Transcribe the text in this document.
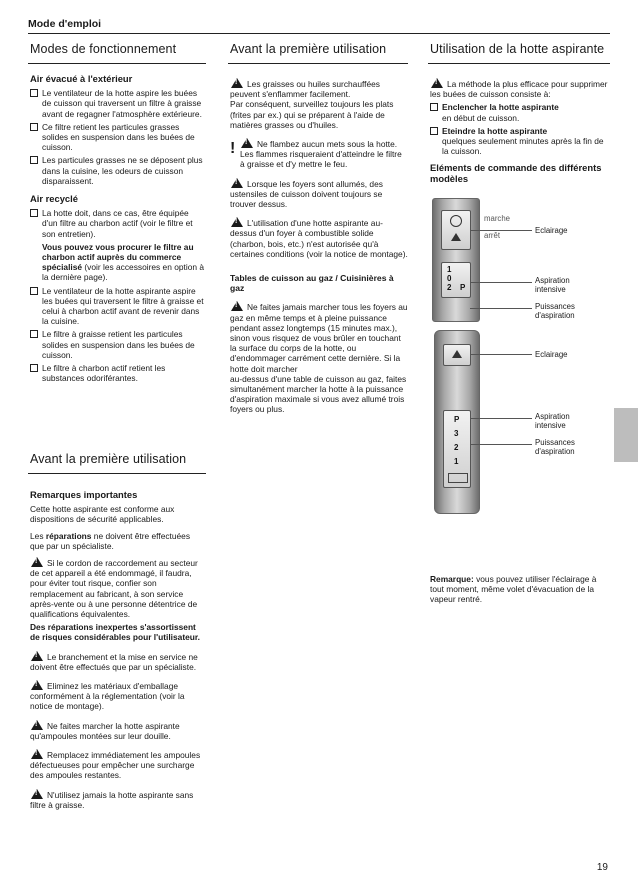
Mode d'emploi
Modes de fonctionnement
Air évacué à l'extérieur
Le ventilateur de la hotte aspire les buées de cuisson qui traversent un filtre à graisse avant de regagner l'atmosphère extérieure.
Ce filtre retient les particules grasses solides en suspension dans les buées de cuisson.
Les particules grasses ne se déposent plus dans la cuisine, les odeurs de cuisson disparaissent.
Air recyclé
La hotte doit, dans ce cas, être équipée d'un filtre au charbon actif (voir le filtre et son entretien).
Vous pouvez vous procurer le filtre au charbon actif auprès du commerce spécialisé (voir les accessoires en option à la dernière page).
Le ventilateur de la hotte aspirante aspire les buées qui traversent le filtre à graisse et celui à charbon actif avant de revenir dans la cuisine.
Le filtre à graisse retient les particules solides en suspension dans les buées de cuisson.
Le filtre à charbon actif retient les substances odoriférantes.
Avant la première utilisation
Remarques importantes

Cette hotte aspirante est conforme aux dispositions de sécurité applicables.

Les réparations ne doivent être effectuées que par un spécialiste.

!Si le cordon de raccordement au secteur de cet appareil a été endommagé, il faudra, pour éviter tout risque, confier son remplacement au fabricant, à son service après-vente ou à une personne détentrice de qualifications équivalentes.

Des réparations inexpertes s'assortissent de risques considérables pour l'utilisateur.

!Le branchement et la mise en service ne doivent être effectués que par un spécialiste.

!Eliminez les matériaux d'emballage conformément à la réglementation (voir la notice de montage).

!Ne faites marcher la hotte aspirante qu'ampoules montées sur leur douille.

!Remplacez immédiatement les ampoules défectueuses pour empêcher une surcharge des ampoules restantes.

!N'utilisez jamais la hotte aspirante sans filtre à graisse.

Avant la première utilisation

!Les graisses ou huiles surchauffées peuvent s'enflammer facilement.

Par conséquent, surveillez toujours les plats (frites par ex.) qui se préparent à l'aide de matières grasses ou d'huiles.

!
!	Ne flambez aucun mets sous la hotte. Les flammes risqueraient d'atteindre le filtre à graisse et d'y mettre le feu.

!Lorsque les foyers sont allumés, des ustensiles de cuisson doivent toujours se trouver dessus.

!L'utilisation d'une hotte aspirante au-dessus d'un foyer à combustible solide (charbon, bois, etc.) n'est autorisée qu'à certaines conditions (voir la notice de montage).

Tables de cuisson au gaz / Cuisinières à gaz

!Ne faites jamais marcher tous les foyers au gaz en même temps et à pleine puissance pendant assez longtemps (15 minutes max.), sinon vous risquez de vous brûler en touchant la surface du corps de la hotte, ou d'endommager carrément cette dernière. Si la hotte doit marcher

au-dessus d'une table de cuisson au gaz, faites simultanément marcher la hotte à la puissance d'aspiration maximale si vous avez allumé trois foyers ou plus.

Utilisation de la hotte aspirante

!La méthode la plus efficace pour supprimer les buées de cuisson consiste à:

Enclencher la hotte aspirante
en début de cuisson.
Eteindre la hotte aspirante
quelques seulement minutes après la fin de la cuisson.
Eléments de commande des différents modèles
1
0
2 P
marche
arrêt
Eclairage
Aspiration intensive
Puissances d'aspiration
P
3
2
1
Eclairage
Aspiration intensive
Puissances d'aspiration
Remarque: vous pouvez utiliser l'éclairage à tout moment, même volet d'évacuation de la vapeur rentré.
19
